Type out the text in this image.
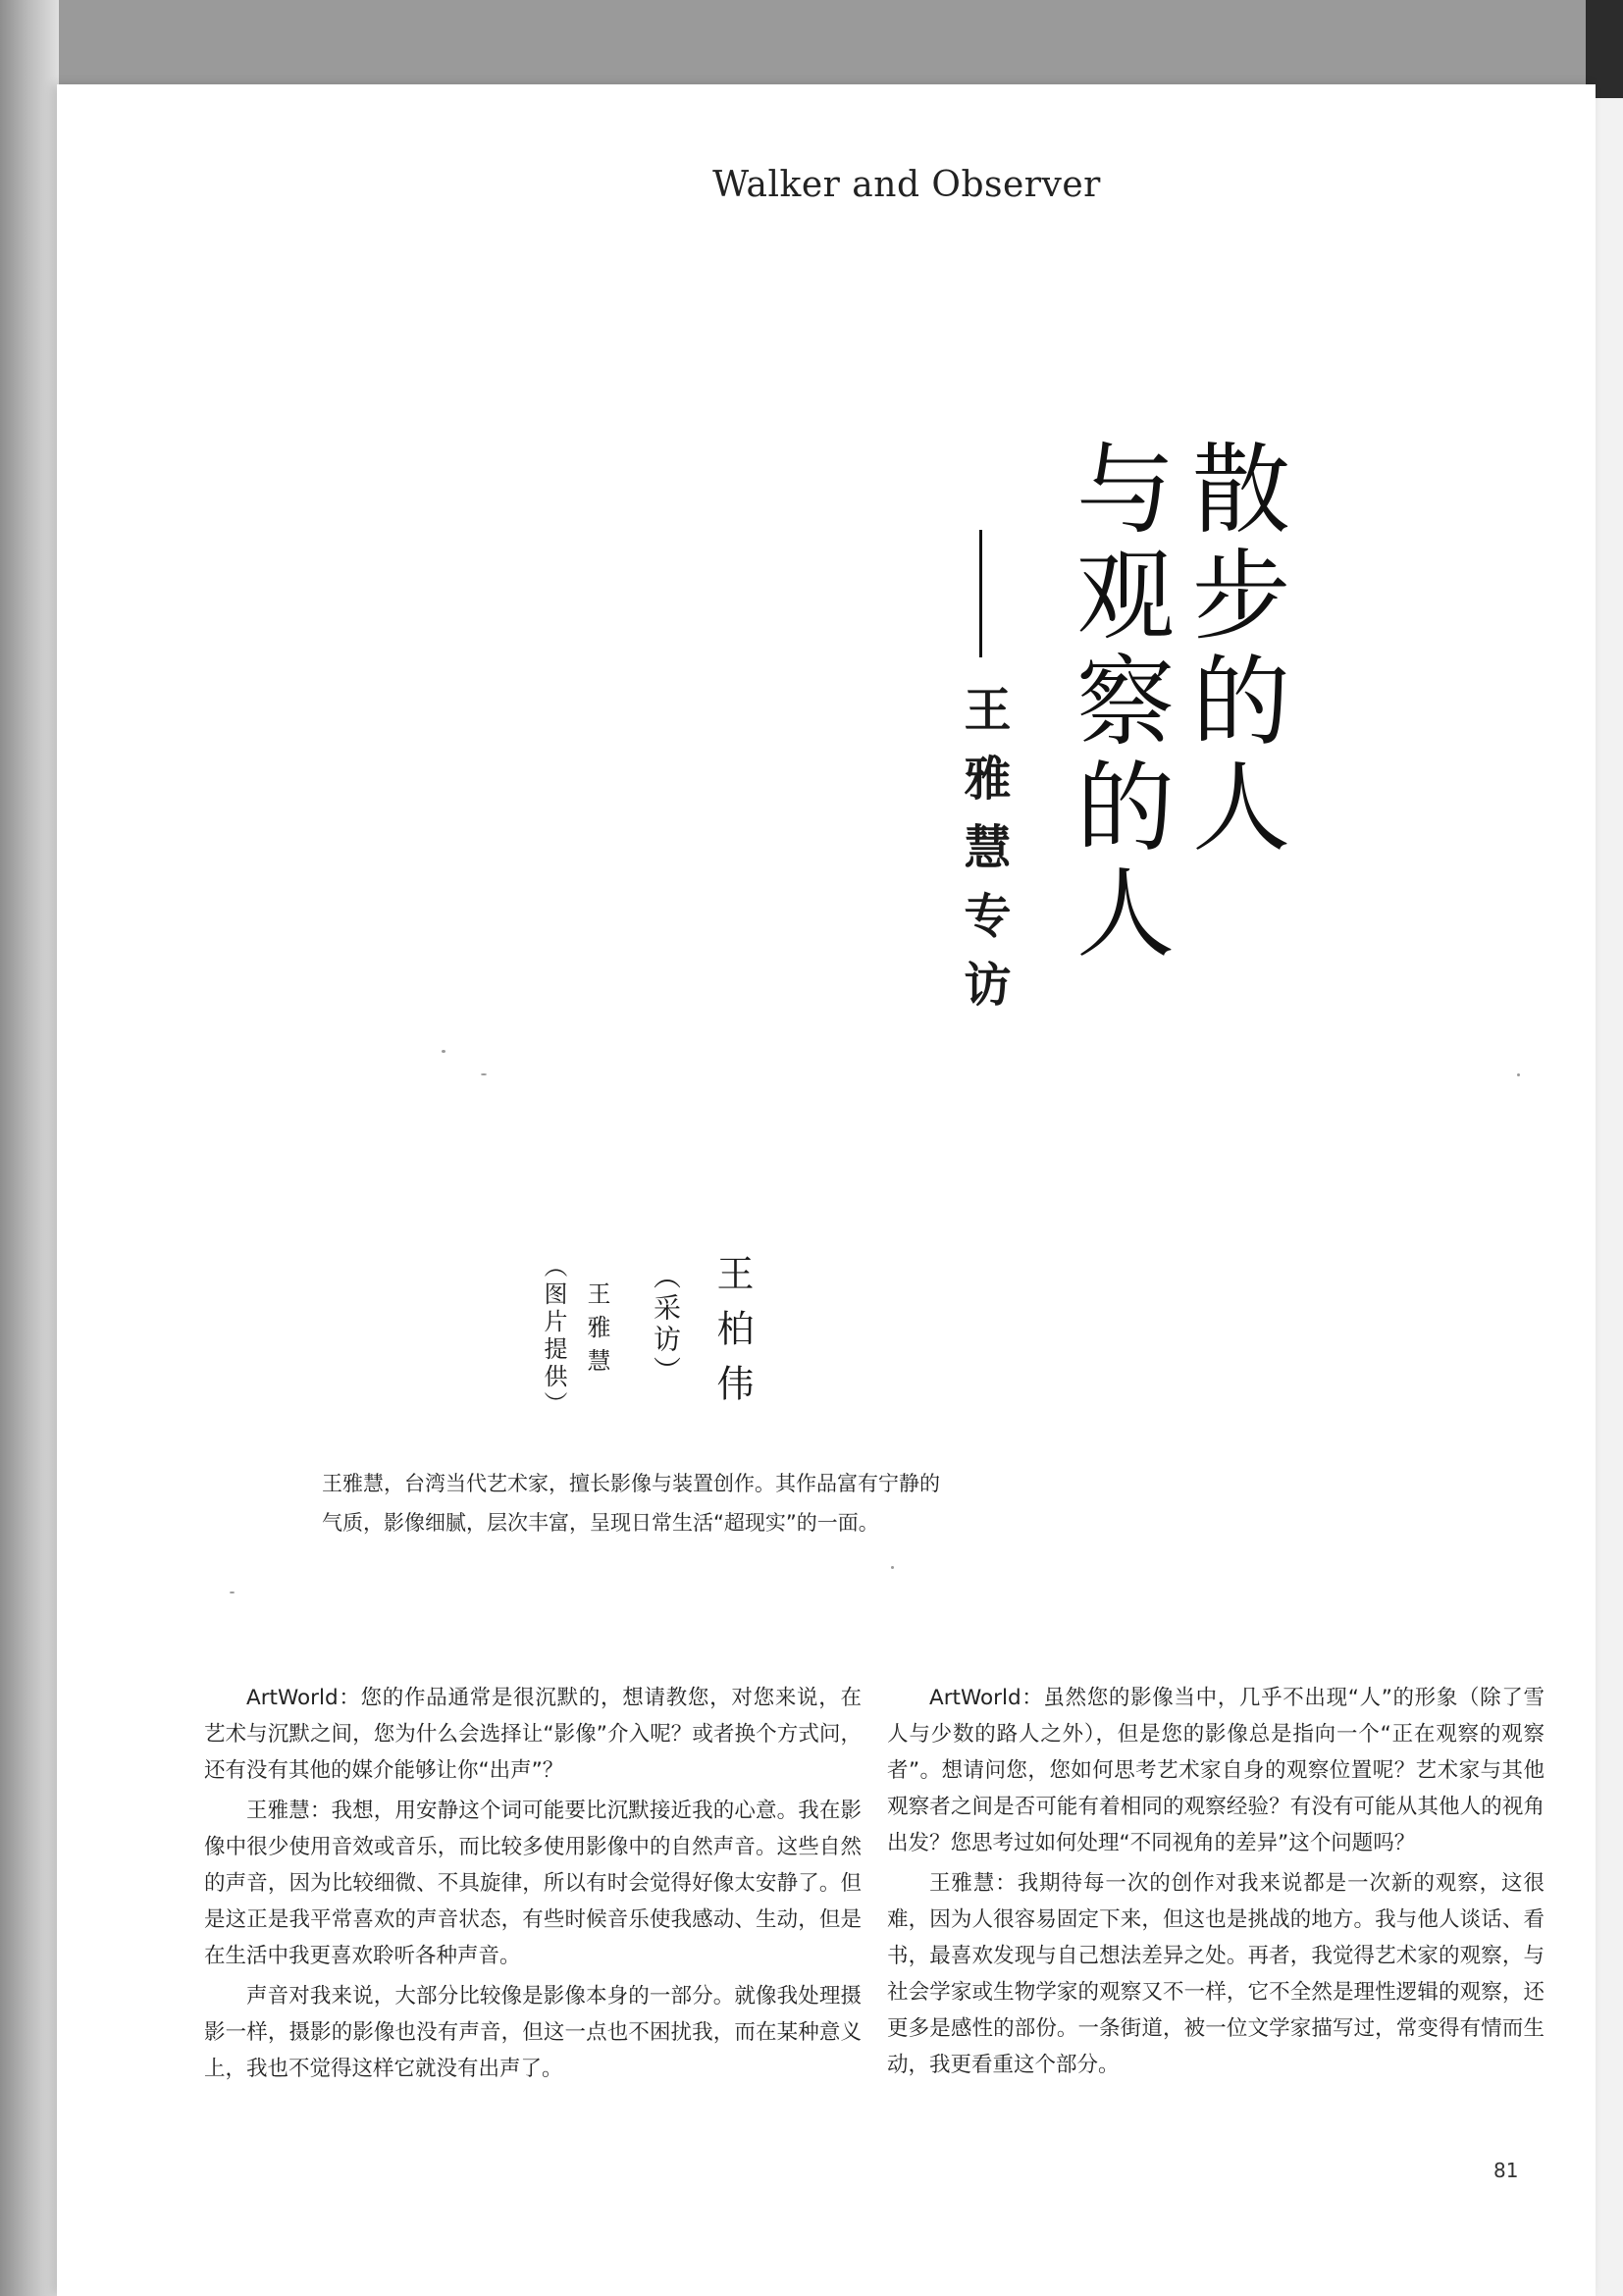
Walker and Observer
散步的人
与观察的人
王雅慧专访
王柏伟
（采访）
王雅慧
（图片提供）
王雅慧，台湾当代艺术家，擅长影像与装置创作。其作品富有宁静的气质，影像细腻，层次丰富，呈现日常生活“超现实”的一面。

ArtWorld：您的作品通常是很沉默的，想请教您，对您来说，在艺术与沉默之间，您为什么会选择让“影像”介入呢？或者换个方式问，还有没有其他的媒介能够让你“出声”？

王雅慧：我想，用安静这个词可能要比沉默接近我的心意。我在影像中很少使用音效或音乐，而比较多使用影像中的自然声音。这些自然的声音，因为比较细微、不具旋律，所以有时会觉得好像太安静了。但是这正是我平常喜欢的声音状态，有些时候音乐使我感动、生动，但是在生活中我更喜欢聆听各种声音。

声音对我来说，大部分比较像是影像本身的一部分。就像我处理摄影一样，摄影的影像也没有声音，但这一点也不困扰我，而在某种意义上，我也不觉得这样它就没有出声了。

ArtWorld：虽然您的影像当中，几乎不出现“人”的形象（除了雪人与少数的路人之外），但是您的影像总是指向一个“正在观察的观察者”。想请问您，您如何思考艺术家自身的观察位置呢？艺术家与其他观察者之间是否可能有着相同的观察经验？有没有可能从其他人的视角出发？您思考过如何处理“不同视角的差异”这个问题吗？

王雅慧：我期待每一次的创作对我来说都是一次新的观察，这很难，因为人很容易固定下来，但这也是挑战的地方。我与他人谈话、看书，最喜欢发现与自己想法差异之处。再者，我觉得艺术家的观察，与社会学家或生物学家的观察又不一样，它不全然是理性逻辑的观察，还更多是感性的部份。一条街道，被一位文学家描写过，常变得有情而生动，我更看重这个部分。

81
